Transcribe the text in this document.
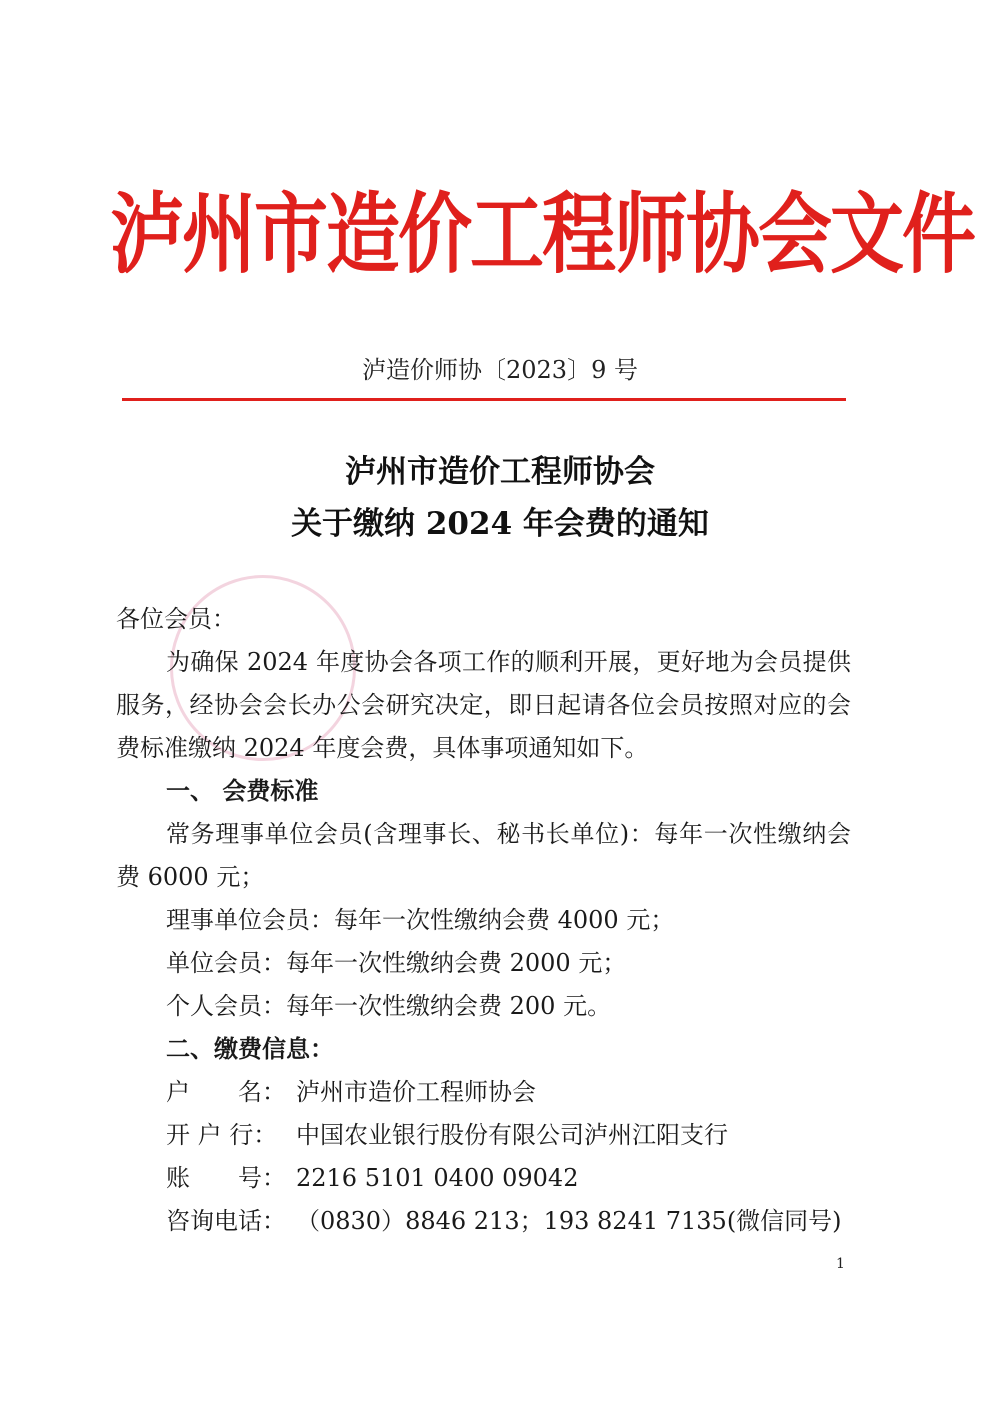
泸州市造价工程师协会文件
泸造价师协〔2023〕9 号
泸州市造价工程师协会
关于缴纳 2024 年会费的通知

各位会员：

为确保 2024 年度协会各项工作的顺利开展，更好地为会员提供服务，经协会会长办公会研究决定，即日起请各位会员按照对应的会费标准缴纳 2024 年度会费，具体事项通知如下。

一、 会费标准

常务理事单位会员(含理事长、秘书长单位)：每年一次性缴纳会费 6000 元；

理事单位会员：每年一次性缴纳会费 4000 元；

单位会员：每年一次性缴纳会费 2000 元；

个人会员：每年一次性缴纳会费 200 元。

二、缴费信息：

户　　名： 泸州市造价工程师协会
开 户 行： 中国农业银行股份有限公司泸州江阳支行
账　　号： 2216 5101 0400 09042
咨询电话： （0830）8846 213；193 8241 7135(微信同号)
1
